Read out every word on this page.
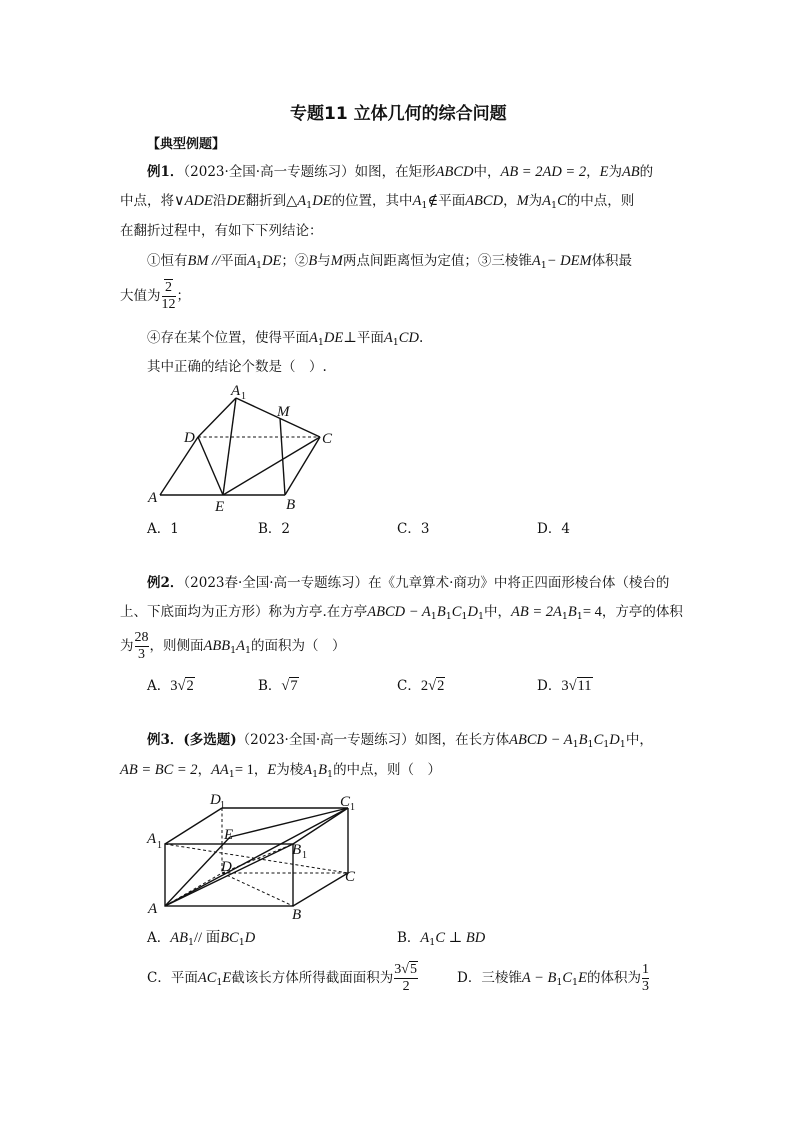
专题11 立体几何的综合问题
【典型例题】
例1．（2023·全国·高一专题练习）如图，在矩形ABCD中，AB = 2AD = 2，E为AB的
中点，将∨ADE沿DE翻折到$\triangle A_1DE$的位置，其中$A_1\notin$平面ABCD，M为$A_1C$的中点，则
在翻折过程中，有如下下列结论：
①恒有BM //平面$A_1DE$；②B与M两点间距离恒为定值；③三棱锥$A_1-$ DEM体积最
大值为 $\frac{2}{12}$ ；
④存在某个位置，使得平面$A_1DE\perp$平面$A_1CD$.
其中正确的结论个数是（　）.
A	B
C
D
E
M
A 1
A．1	B．2	C．3	D．4
例2．（2023春·全国·高一专题练习）在《九章算术·商功》中将正四面形棱台体（棱台的
上、下底面均为正方形）称为方亭.在方亭ABCD − $A_1B_1C_1D_1$中，AB = $2A_1B_1= 4$，方亭的体积
为 $\frac{28}{3}$ ，则侧面$ABB_1A_1$的面积为（　）
A．3√2	B．√7	C．2√2	D．3√11
例3．(多选题)（2023·全国·高一专题练习）如图，在长方体ABCD − $A_1B_1C_1D_1$中，
AB = BC = 2，$AA_1= 1$，E为棱$A_1B_1$的中点，则（　）
A	B
C
D
E
A 1	B 1
C 1
D 1
A．$AB_1//$ 面$BC_1D$	B．$A_1C$ ⊥ BD
C．平面$AC_1E$截该长方体所得截面面积为 $\frac{3√5}{2}$	D．三棱锥$A - B_1C_1E$的体积为 $\frac{1}{3}$
